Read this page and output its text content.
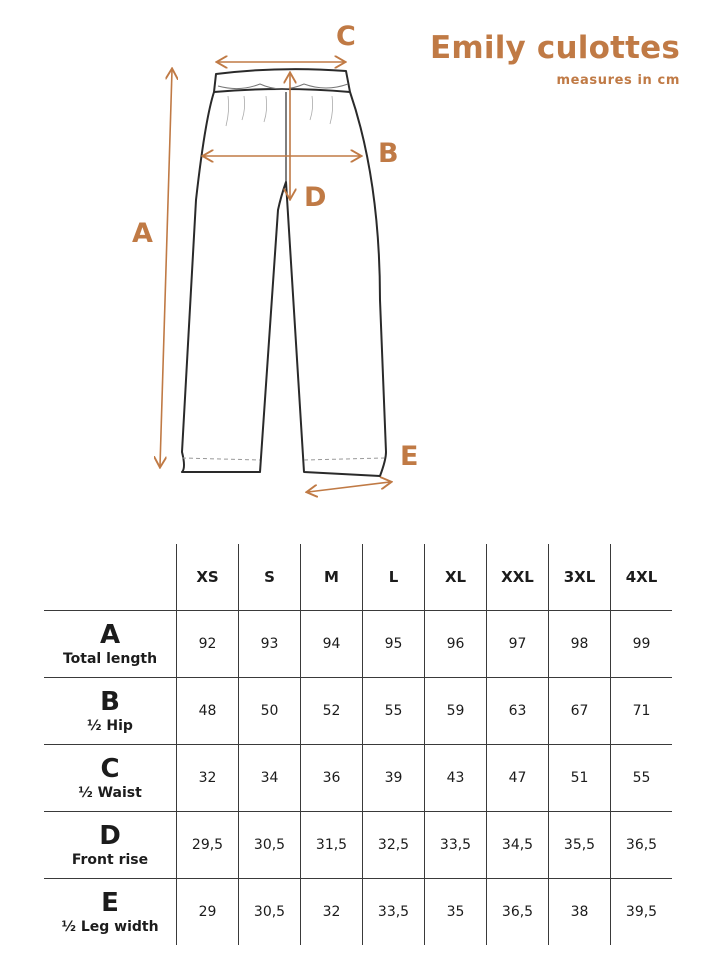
Emily culottes
measures in cm
A
B
C
D
E
	XS	S	M	L	XL	XXL	3XL	4XL

A
Total length	92	93	94	95	96	97	98	99

B
½ Hip	48	50	52	55	59	63	67	71

C
½ Waist	32	34	36	39	43	47	51	55

D
Front rise	29,5	30,5	31,5	32,5	33,5	34,5	35,5	36,5

E
½ Leg width	29	30,5	32	33,5	35	36,5	38	39,5
